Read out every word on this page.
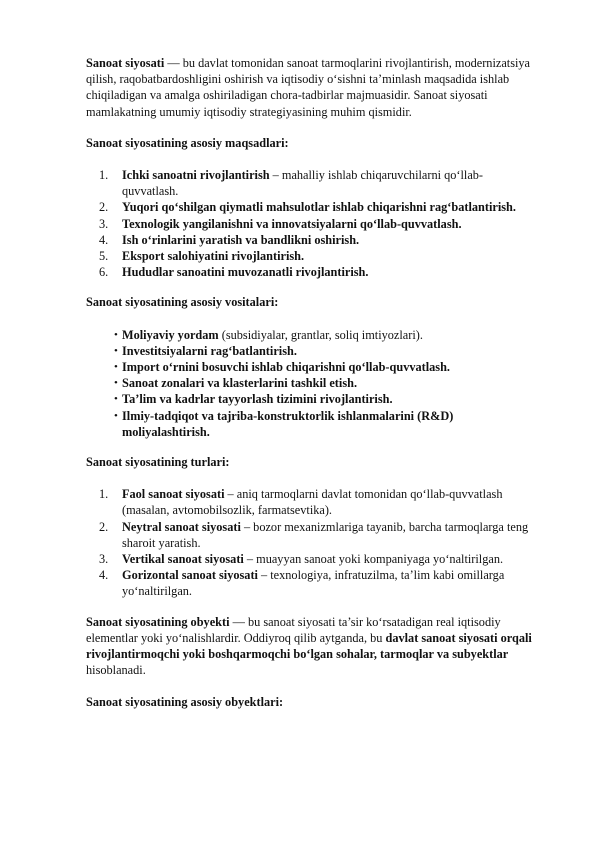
Sanoat siyosati — bu davlat tomonidan sanoat tarmoqlarini rivojlantirish, modernizatsiya qilish, raqobatbardoshligini oshirish va iqtisodiy o‘sishni ta’minlash maqsadida ishlab chiqiladigan va amalga oshiriladigan chora-tadbirlar majmuasidir. Sanoat siyosati mamlakatning umumiy iqtisodiy strategiyasining muhim qismidir.

Sanoat siyosatining asosiy maqsadlari:

1.	Ichki sanoatni rivojlantirish – mahalliy ishlab chiqaruvchilarni qo‘llab-quvvatlash.
2.	Yuqori qo‘shilgan qiymatli mahsulotlar ishlab chiqarishni rag‘batlantirish.
3.	Texnologik yangilanishni va innovatsiyalarni qo‘llab-quvvatlash.
4.	Ish o‘rinlarini yaratish va bandlikni oshirish.
5.	Eksport salohiyatini rivojlantirish.
6.	Hududlar sanoatini muvozanatli rivojlantirish.

Sanoat siyosatining asosiy vositalari:

• Moliyaviy yordam (subsidiyalar, grantlar, soliq imtiyozlari).
• Investitsiyalarni rag‘batlantirish.
• Import o‘rnini bosuvchi ishlab chiqarishni qo‘llab-quvvatlash.
• Sanoat zonalari va klasterlarini tashkil etish.
• Ta’lim va kadrlar tayyorlash tizimini rivojlantirish.
• Ilmiy-tadqiqot va tajriba-konstruktorlik ishlanmalarini (R&D) moliyalashtirish.

Sanoat siyosatining turlari:

1.	Faol sanoat siyosati – aniq tarmoqlarni davlat tomonidan qo‘llab-quvvatlash (masalan, avtomobilsozlik, farmatsevtika).
2.	Neytral sanoat siyosati – bozor mexanizmlariga tayanib, barcha tarmoqlarga teng sharoit yaratish.
3.	Vertikal sanoat siyosati – muayyan sanoat yoki kompaniyaga yo‘naltirilgan.
4.	Gorizontal sanoat siyosati – texnologiya, infratuzilma, ta’lim kabi omillarga yo‘naltirilgan.

Sanoat siyosatining obyekti — bu sanoat siyosati ta’sir ko‘rsatadigan real iqtisodiy elementlar yoki yo‘nalishlardir. Oddiyroq qilib aytganda, bu davlat sanoat siyosati orqali rivojlantirmoqchi yoki boshqarmoqchi bo‘lgan sohalar, tarmoqlar va subyektlar hisoblanadi.

Sanoat siyosatining asosiy obyektlari:
